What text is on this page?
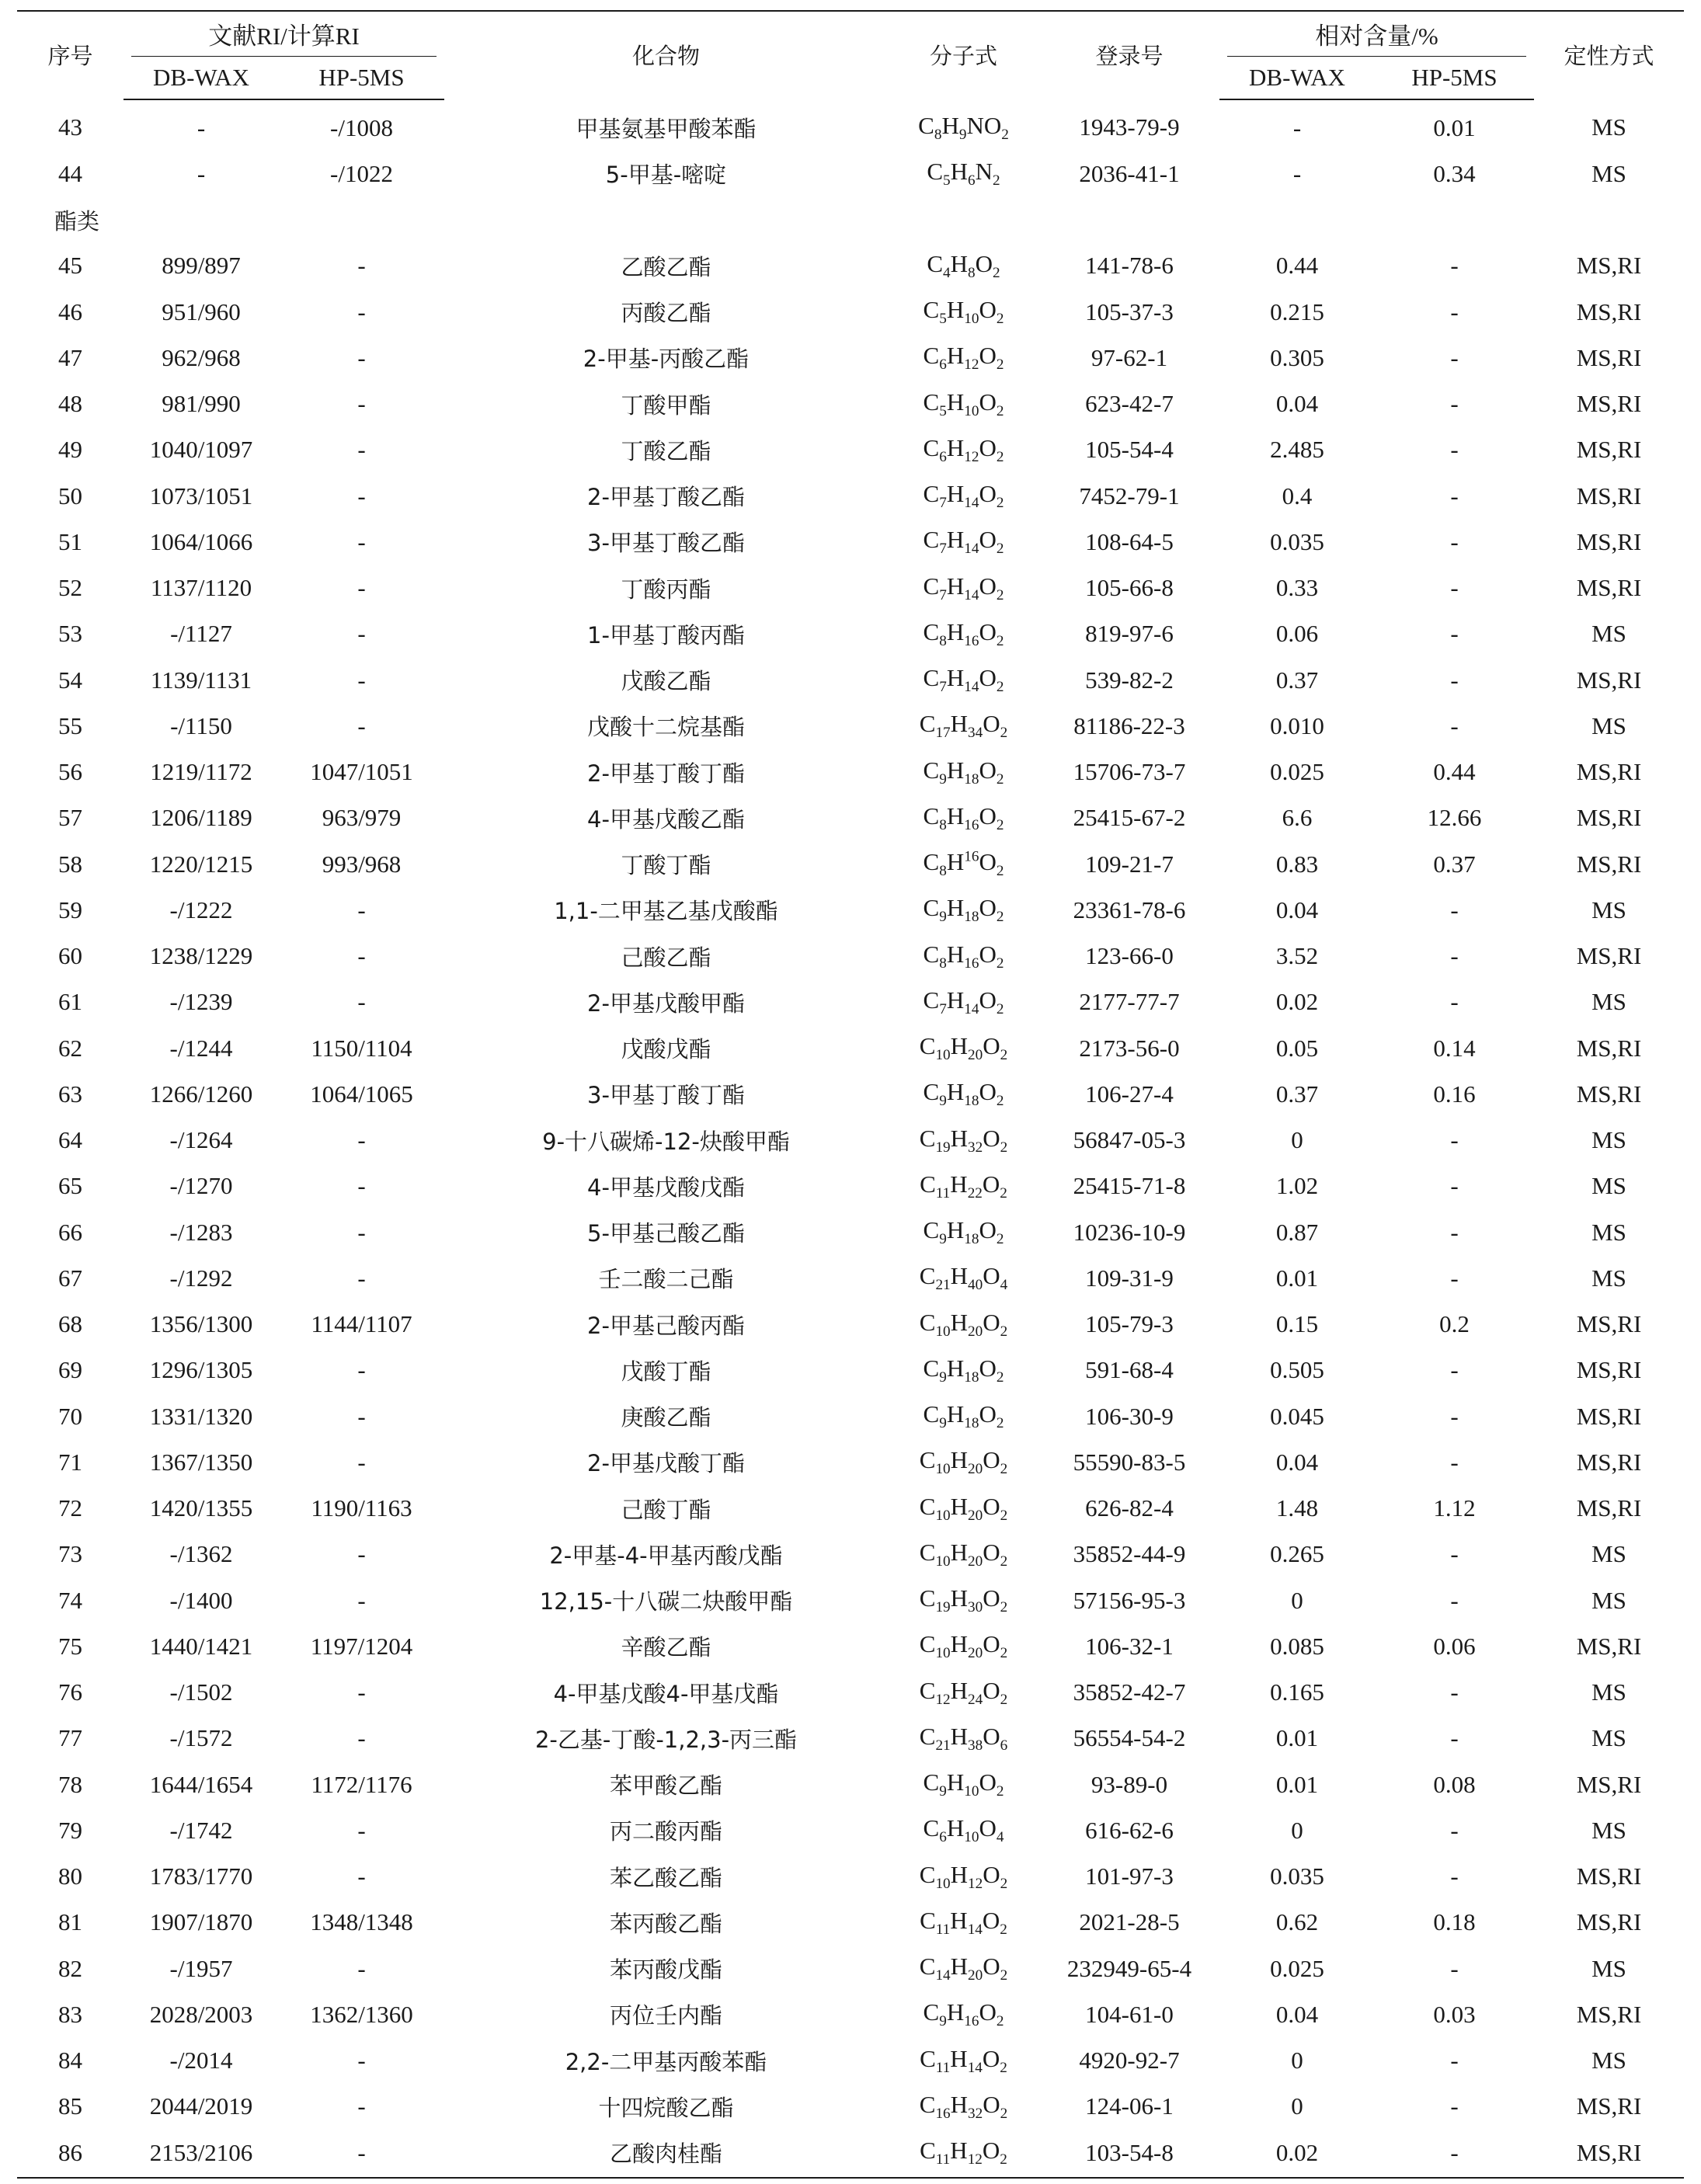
序号	文献RI/计算RI		化合物	分子式	登录号	相对含量/%		定性方式
	DB-WAX	HP-5MS				DB-WAX	HP-5MS	
43	-	-/1008	甲基氨基甲酸苯酯	$C_8H_9NO_2$	1943-79-9	-	0.01	MS
44	-	-/1022	5-甲基-嘧啶	$C_5H_6N_2$	2036-41-1	-	0.34	MS
酯类								
45	899/897	-	乙酸乙酯	$C_4H_8O_2$	141-78-6	0.44	-	MS,RI
46	951/960	-	丙酸乙酯	$C_5H_{10}O_2$	105-37-3	0.215	-	MS,RI
47	962/968	-	2-甲基-丙酸乙酯	$C_6H_{12}O_2$	97-62-1	0.305	-	MS,RI
48	981/990	-	丁酸甲酯	$C_5H_{10}O_2$	623-42-7	0.04	-	MS,RI
49	1040/1097	-	丁酸乙酯	$C_6H_{12}O_2$	105-54-4	2.485	-	MS,RI
50	1073/1051	-	2-甲基丁酸乙酯	$C_7H_{14}O_2$	7452-79-1	0.4	-	MS,RI
51	1064/1066	-	3-甲基丁酸乙酯	$C_7H_{14}O_2$	108-64-5	0.035	-	MS,RI
52	1137/1120	-	丁酸丙酯	$C_7H_{14}O_2$	105-66-8	0.33	-	MS,RI
53	-/1127	-	1-甲基丁酸丙酯	$C_8H_{16}O_2$	819-97-6	0.06	-	MS
54	1139/1131	-	戊酸乙酯	$C_7H_{14}O_2$	539-82-2	0.37	-	MS,RI
55	-/1150	-	戊酸十二烷基酯	$C_{17}H_{34}O_2$	81186-22-3	0.010	-	MS
56	1219/1172	1047/1051	2-甲基丁酸丁酯	$C_9H_{18}O_2$	15706-73-7	0.025	0.44	MS,RI
57	1206/1189	963/979	4-甲基戊酸乙酯	$C_8H_{16}O_2$	25415-67-2	6.6	12.66	MS,RI
58	1220/1215	993/968	丁酸丁酯	$C_8H^{16}O_2$	109-21-7	0.83	0.37	MS,RI
59	-/1222	-	1,1-二甲基乙基戊酸酯	$C_9H_{18}O_2$	23361-78-6	0.04	-	MS
60	1238/1229	-	己酸乙酯	$C_8H_{16}O_2$	123-66-0	3.52	-	MS,RI
61	-/1239	-	2-甲基戊酸甲酯	$C_7H_{14}O_2$	2177-77-7	0.02	-	MS
62	-/1244	1150/1104	戊酸戊酯	$C_{10}H_{20}O_2$	2173-56-0	0.05	0.14	MS,RI
63	1266/1260	1064/1065	3-甲基丁酸丁酯	$C_9H_{18}O_2$	106-27-4	0.37	0.16	MS,RI
64	-/1264	-	9-十八碳烯-12-炔酸甲酯	$C_{19}H_{32}O_2$	56847-05-3	0	-	MS
65	-/1270	-	4-甲基戊酸戊酯	$C_{11}H_{22}O_2$	25415-71-8	1.02	-	MS
66	-/1283	-	5-甲基己酸乙酯	$C_9H_{18}O_2$	10236-10-9	0.87	-	MS
67	-/1292	-	壬二酸二己酯	$C_{21}H_{40}O_4$	109-31-9	0.01	-	MS
68	1356/1300	1144/1107	2-甲基己酸丙酯	$C_{10}H_{20}O_2$	105-79-3	0.15	0.2	MS,RI
69	1296/1305	-	戊酸丁酯	$C_9H_{18}O_2$	591-68-4	0.505	-	MS,RI
70	1331/1320	-	庚酸乙酯	$C_9H_{18}O_2$	106-30-9	0.045	-	MS,RI
71	1367/1350	-	2-甲基戊酸丁酯	$C_{10}H_{20}O_2$	55590-83-5	0.04	-	MS,RI
72	1420/1355	1190/1163	己酸丁酯	$C_{10}H_{20}O_2$	626-82-4	1.48	1.12	MS,RI
73	-/1362	-	2-甲基-4-甲基丙酸戊酯	$C_{10}H_{20}O_2$	35852-44-9	0.265	-	MS
74	-/1400	-	12,15-十八碳二炔酸甲酯	$C_{19}H_{30}O_2$	57156-95-3	0	-	MS
75	1440/1421	1197/1204	辛酸乙酯	$C_{10}H_{20}O_2$	106-32-1	0.085	0.06	MS,RI
76	-/1502	-	4-甲基戊酸4-甲基戊酯	$C_{12}H_{24}O_2$	35852-42-7	0.165	-	MS
77	-/1572	-	2-乙基-丁酸-1,2,3-丙三酯	$C_{21}H_{38}O_6$	56554-54-2	0.01	-	MS
78	1644/1654	1172/1176	苯甲酸乙酯	$C_9H_{10}O_2$	93-89-0	0.01	0.08	MS,RI
79	-/1742	-	丙二酸丙酯	$C_6H_{10}O_4$	616-62-6	0	-	MS
80	1783/1770	-	苯乙酸乙酯	$C_{10}H_{12}O_2$	101-97-3	0.035	-	MS,RI
81	1907/1870	1348/1348	苯丙酸乙酯	$C_{11}H_{14}O_2$	2021-28-5	0.62	0.18	MS,RI
82	-/1957	-	苯丙酸戊酯	$C_{14}H_{20}O_2$	232949-65-4	0.025	-	MS
83	2028/2003	1362/1360	丙位壬内酯	$C_9H_{16}O_2$	104-61-0	0.04	0.03	MS,RI
84	-/2014	-	2,2-二甲基丙酸苯酯	$C_{11}H_{14}O_2$	4920-92-7	0	-	MS
85	2044/2019	-	十四烷酸乙酯	$C_{16}H_{32}O_2$	124-06-1	0	-	MS,RI
86	2153/2106	-	乙酸肉桂酯	$C_{11}H_{12}O_2$	103-54-8	0.02	-	MS,RI
